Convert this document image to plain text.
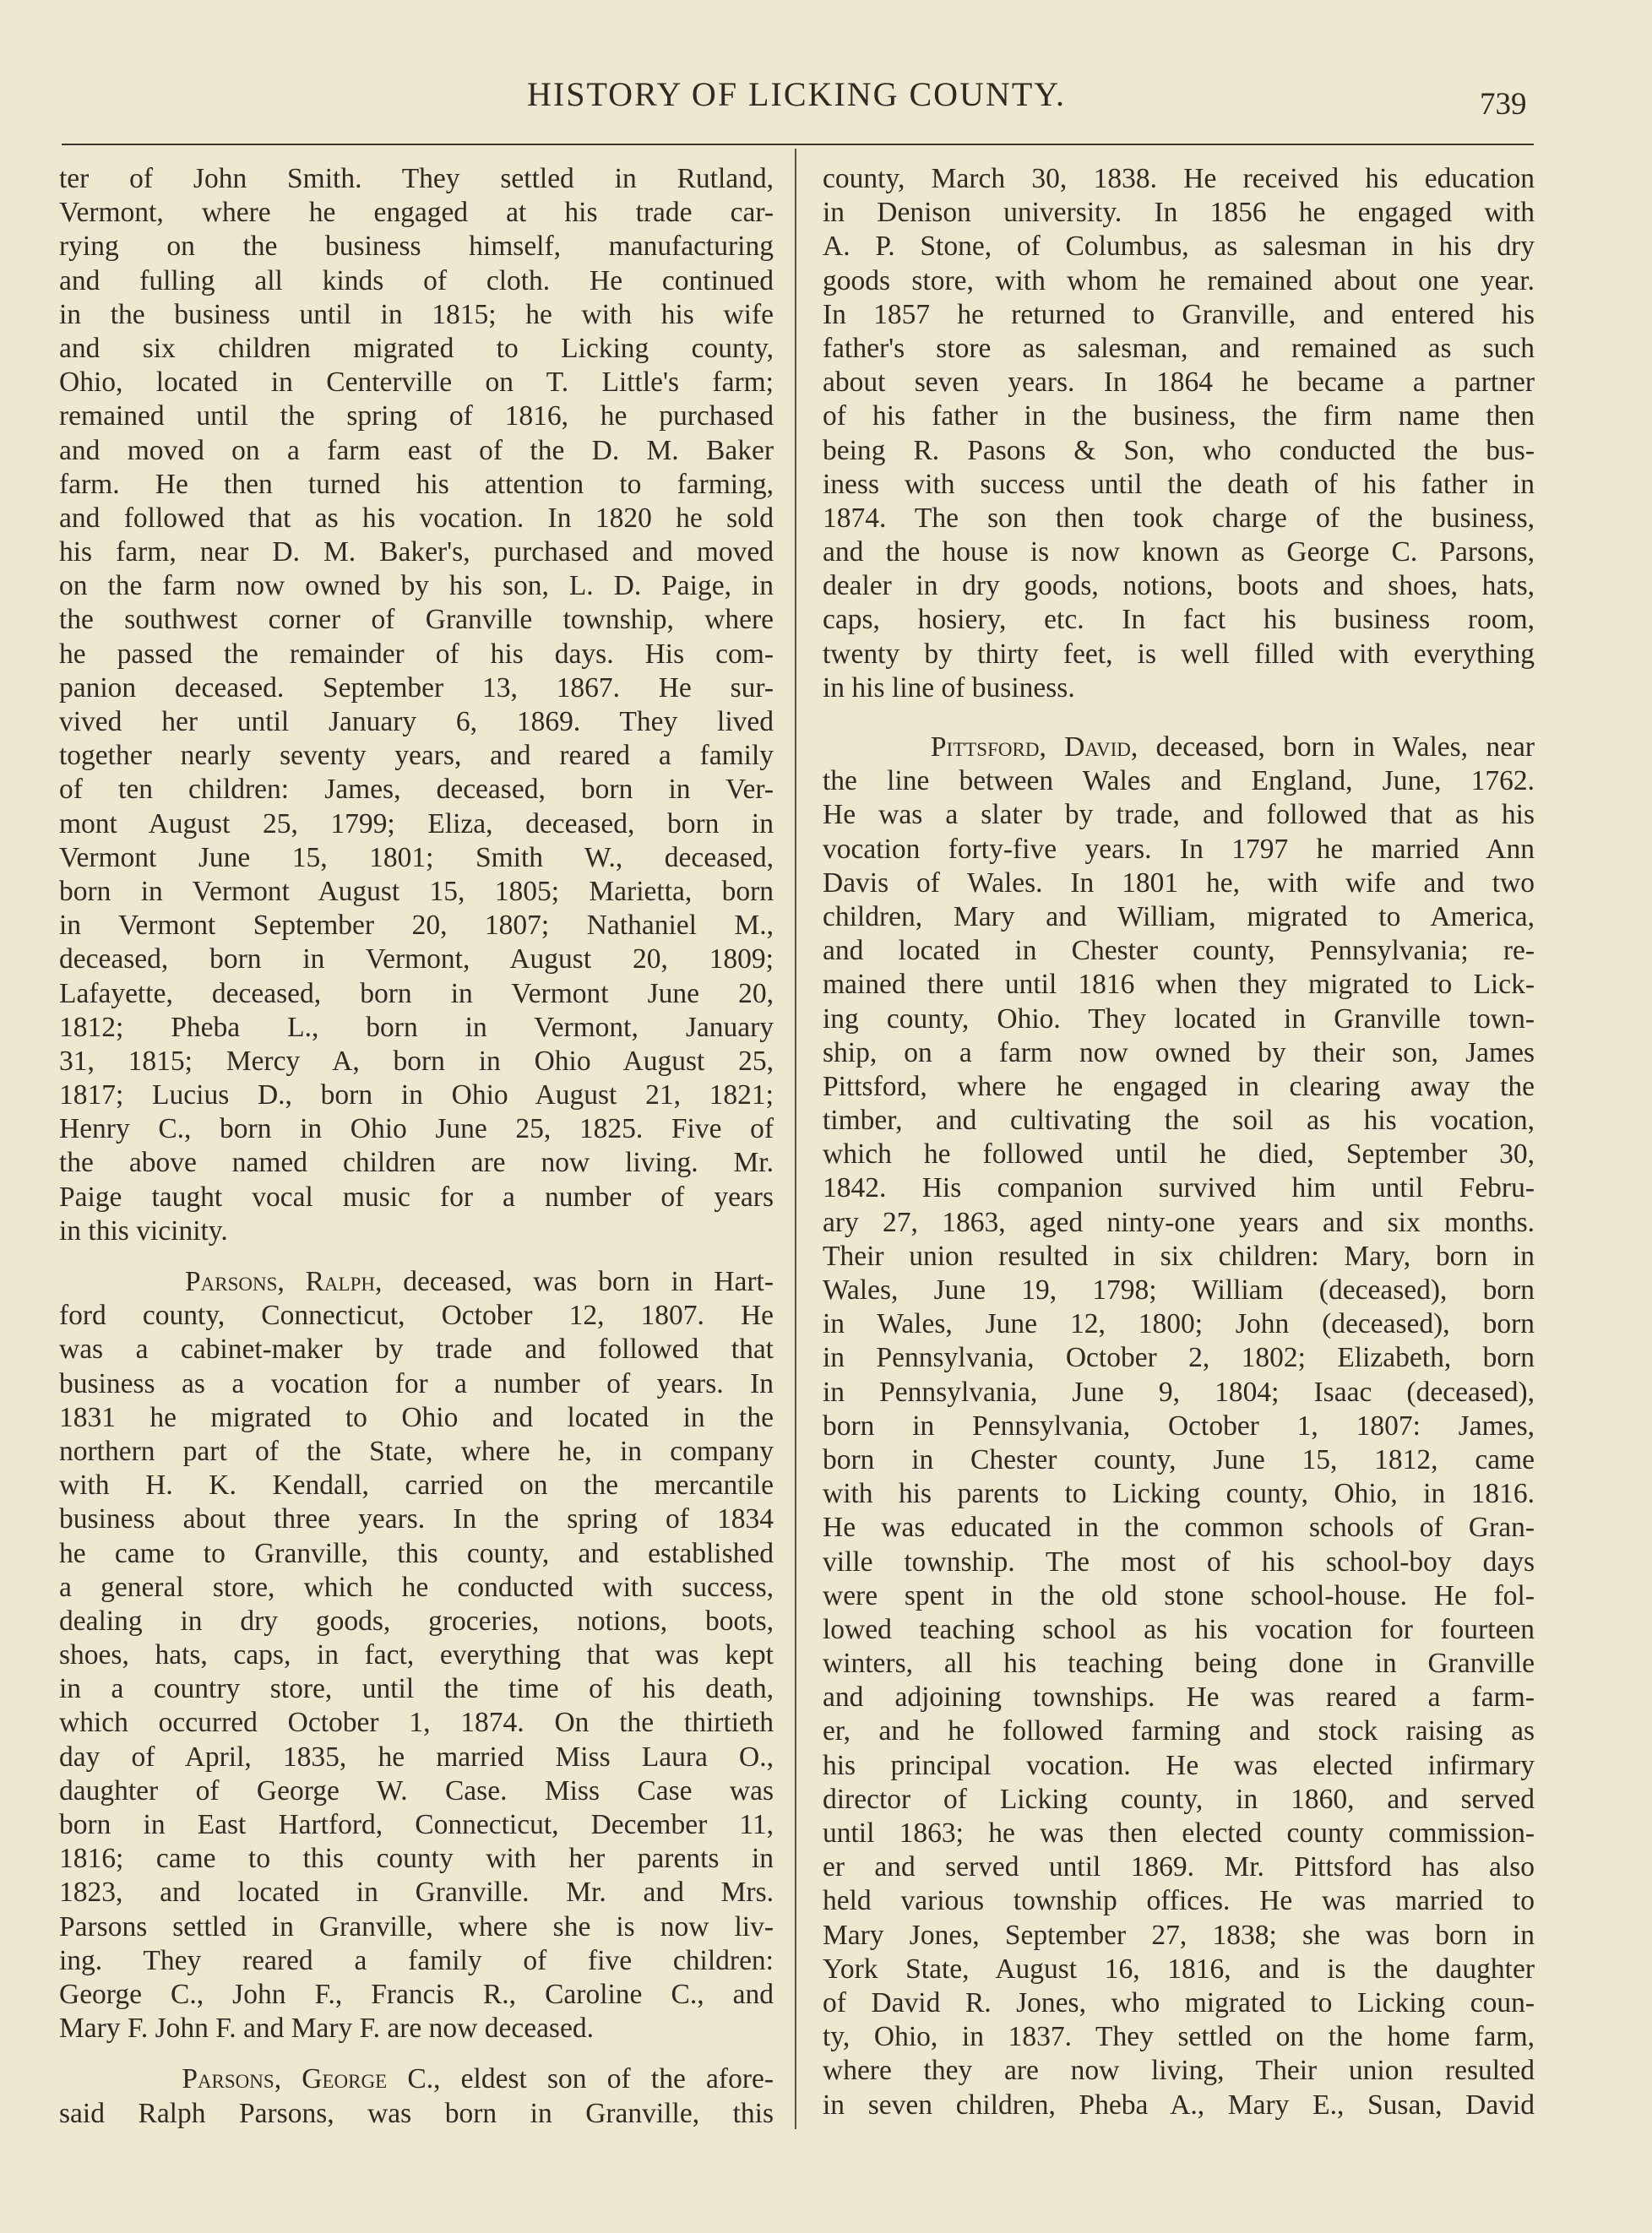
HISTORY OF LICKING COUNTY.	739
ter of John Smith. They settled in Rutland,
Vermont, where he engaged at his trade car-
rying on the business himself, manufacturing
and fulling all kinds of cloth. He continued
in the business until in 1815; he with his wife
and six children migrated to Licking county,
Ohio, located in Centerville on T. Little's farm;
remained until the spring of 1816, he purchased
and moved on a farm east of the D. M. Baker
farm. He then turned his attention to farming,
and followed that as his vocation. In 1820 he sold
his farm, near D. M. Baker's, purchased and moved
on the farm now owned by his son, L. D. Paige, in
the southwest corner of Granville township, where
he passed the remainder of his days. His com-
panion deceased. September 13, 1867. He sur-
vived her until January 6, 1869. They lived
together nearly seventy years, and reared a family
of ten children: James, deceased, born in Ver-
mont August 25, 1799; Eliza, deceased, born in
Vermont June 15, 1801; Smith W., deceased,
born in Vermont August 15, 1805; Marietta, born
in Vermont September 20, 1807; Nathaniel M.,
deceased, born in Vermont, August 20, 1809;
Lafayette, deceased, born in Vermont June 20,
1812; Pheba L., born in Vermont, January
31, 1815; Mercy A, born in Ohio August 25,
1817; Lucius D., born in Ohio August 21, 1821;
Henry C., born in Ohio June 25, 1825. Five of
the above named children are now living. Mr.
Paige taught vocal music for a number of years
in this vicinity.
Parsons, Ralph, deceased, was born in Hart-
ford county, Connecticut, October 12, 1807. He
was a cabinet-maker by trade and followed that
business as a vocation for a number of years. In
1831 he migrated to Ohio and located in the
northern part of the State, where he, in company
with H. K. Kendall, carried on the mercantile
business about three years. In the spring of 1834
he came to Granville, this county, and established
a general store, which he conducted with success,
dealing in dry goods, groceries, notions, boots,
shoes, hats, caps, in fact, everything that was kept
in a country store, until the time of his death,
which occurred October 1, 1874. On the thirtieth
day of April, 1835, he married Miss Laura O.,
daughter of George W. Case. Miss Case was
born in East Hartford, Connecticut, December 11,
1816; came to this county with her parents in
1823, and located in Granville. Mr. and Mrs.
Parsons settled in Granville, where she is now liv-
ing. They reared a family of five children:
George C., John F., Francis R., Caroline C., and
Mary F. John F. and Mary F. are now deceased.
Parsons, George C., eldest son of the afore-
said Ralph Parsons, was born in Granville, this
county, March 30, 1838. He received his education
in Denison university. In 1856 he engaged with
A. P. Stone, of Columbus, as salesman in his dry
goods store, with whom he remained about one year.
In 1857 he returned to Granville, and entered his
father's store as salesman, and remained as such
about seven years. In 1864 he became a partner
of his father in the business, the firm name then
being R. Pasons & Son, who conducted the bus-
iness with success until the death of his father in
1874. The son then took charge of the business,
and the house is now known as George C. Parsons,
dealer in dry goods, notions, boots and shoes, hats,
caps, hosiery, etc. In fact his business room,
twenty by thirty feet, is well filled with everything
in his line of business.
Pittsford, David, deceased, born in Wales, near
the line between Wales and England, June, 1762.
He was a slater by trade, and followed that as his
vocation forty-five years. In 1797 he married Ann
Davis of Wales. In 1801 he, with wife and two
children, Mary and William, migrated to America,
and located in Chester county, Pennsylvania; re-
mained there until 1816 when they migrated to Lick-
ing county, Ohio. They located in Granville town-
ship, on a farm now owned by their son, James
Pittsford, where he engaged in clearing away the
timber, and cultivating the soil as his vocation,
which he followed until he died, September 30,
1842. His companion survived him until Febru-
ary 27, 1863, aged ninty-one years and six months.
Their union resulted in six children: Mary, born in
Wales, June 19, 1798; William (deceased), born
in Wales, June 12, 1800; John (deceased), born
in Pennsylvania, October 2, 1802; Elizabeth, born
in Pennsylvania, June 9, 1804; Isaac (deceased),
born in Pennsylvania, October 1, 1807: James,
born in Chester county, June 15, 1812, came
with his parents to Licking county, Ohio, in 1816.
He was educated in the common schools of Gran-
ville township. The most of his school-boy days
were spent in the old stone school-house. He fol-
lowed teaching school as his vocation for fourteen
winters, all his teaching being done in Granville
and adjoining townships. He was reared a farm-
er, and he followed farming and stock raising as
his principal vocation. He was elected infirmary
director of Licking county, in 1860, and served
until 1863; he was then elected county commission-
er and served until 1869. Mr. Pittsford has also
held various township offices. He was married to
Mary Jones, September 27, 1838; she was born in
York State, August 16, 1816, and is the daughter
of David R. Jones, who migrated to Licking coun-
ty, Ohio, in 1837. They settled on the home farm,
where they are now living, Their union resulted
in seven children, Pheba A., Mary E., Susan, David
